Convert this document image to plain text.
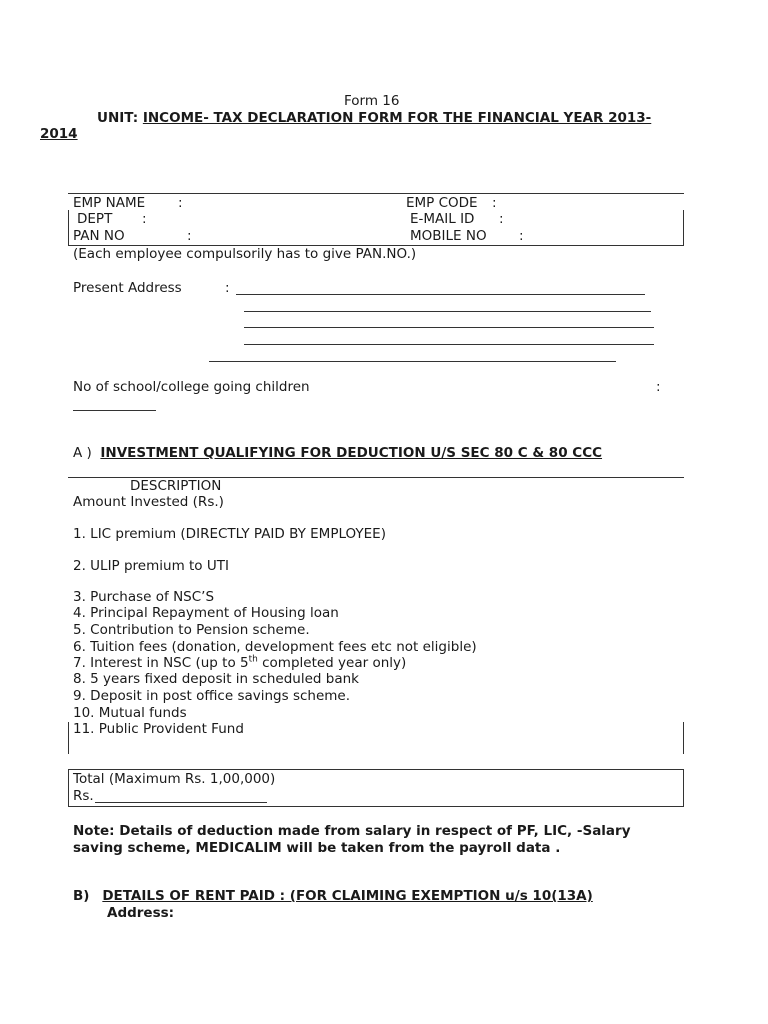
Form 16
UNIT: INCOME- TAX DECLARATION FORM FOR THE FINANCIAL YEAR 2013-
2014
EMP NAME :	EMP CODE :
DEPT :	E-MAIL ID :
PAN NO	:	MOBILE NO :
(Each employee compulsorily has to give PAN.NO.)
Present Address	:
No of school/college going children	:
A ) INVESTMENT QUALIFYING FOR DEDUCTION U/S SEC 80 C & 80 CCC
DESCRIPTION
Amount Invested (Rs.)
1. LIC premium (DIRECTLY PAID BY EMPLOYEE)
2. ULIP premium to UTI
3. Purchase of NSC’S
4. Principal Repayment of Housing loan
5. Contribution to Pension scheme.
6. Tuition fees (donation, development fees etc not eligible)
7. Interest in NSC (up to 5th completed year only)
8. 5 years fixed deposit in scheduled bank
9. Deposit in post office savings scheme.
10. Mutual funds
11. Public Provident Fund
Total (Maximum Rs. 1,00,000)
Rs.
Note: Details of deduction made from salary in respect of PF, LIC, -Salary
saving scheme, MEDICALIM will be taken from the payroll data .
B) DETAILS OF RENT PAID : (FOR CLAIMING EXEMPTION u/s 10(13A)
Address:
